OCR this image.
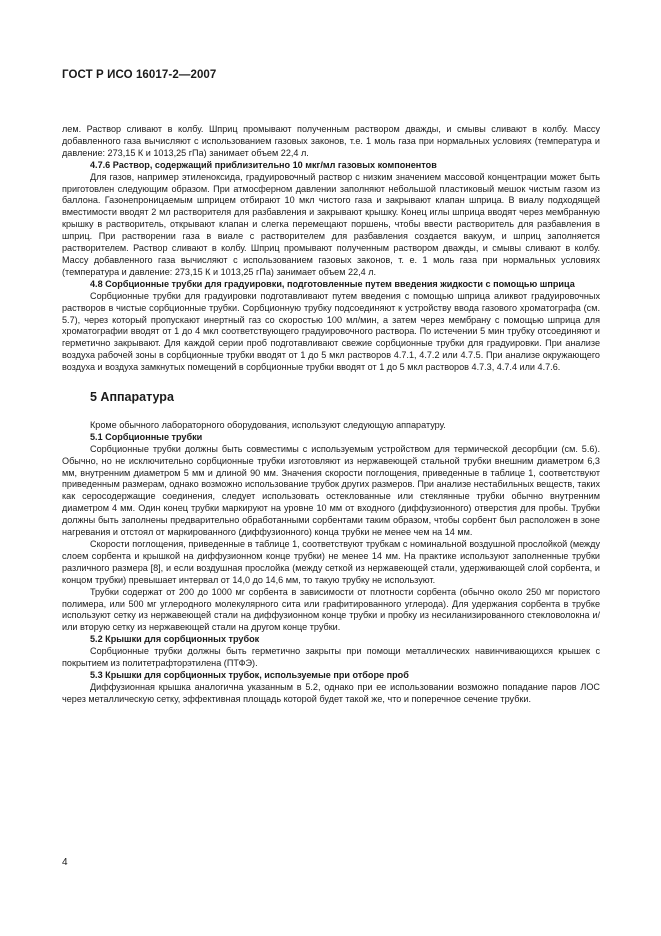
ГОСТ Р ИСО 16017-2—2007

лем. Раствор сливают в колбу. Шприц промывают полученным раствором дважды, и смывы сливают в колбу. Массу добавленного газа вычисляют с использованием газовых законов, т.е. 1 моль газа при нормальных условиях (температура и давление: 273,15 К и 1013,25 гПа) занимает объем 22,4 л.

4.7.6 Раствор, содержащий приблизительно 10 мкг/мл газовых компонентов

Для газов, например этиленоксида, градуировочный раствор с низким значением массовой концентрации может быть приготовлен следующим образом. При атмосферном давлении заполняют небольшой пластиковый мешок чистым газом из баллона. Газонепроницаемым шприцем отбирают 10 мкл чистого газа и закрывают клапан шприца. В виалу подходящей вместимости вводят 2 мл растворителя для разбавления и закрывают крышку. Конец иглы шприца вводят через мембранную крышку в растворитель, открывают клапан и слегка перемещают поршень, чтобы ввести растворитель для разбавления в шприц. При растворении газа в виале с растворителем для разбавления создается вакуум, и шприц заполняется растворителем. Раствор сливают в колбу. Шприц промывают полученным раствором дважды, и смывы сливают в колбу. Массу добавленного газа вычисляют с использованием газовых законов, т. е. 1 моль газа при нормальных условиях (температура и давление: 273,15 К и 1013,25 гПа) занимает объем 22,4 л.

4.8 Сорбционные трубки для градуировки, подготовленные путем введения жидкости с помощью шприца

Сорбционные трубки для градуировки подготавливают путем введения с помощью шприца аликвот градуировочных растворов в чистые сорбционные трубки. Сорбционную трубку подсоединяют к устройству ввода газового хроматографа (см. 5.7), через который пропускают инертный газ со скоростью 100 мл/мин, а затем через мембрану с помощью шприца для хроматографии вводят от 1 до 4 мкл соответствующего градуировочного раствора. По истечении 5 мин трубку отсоединяют и герметично закрывают. Для каждой серии проб подготавливают свежие сорбционные трубки для градуировки. При анализе воздуха рабочей зоны в сорбционные трубки вводят от 1 до 5 мкл растворов 4.7.1, 4.7.2 или 4.7.5. При анализе окружающего воздуха и воздуха замкнутых помещений в сорбционные трубки вводят от 1 до 5 мкл растворов 4.7.3, 4.7.4 или 4.7.6.

5 Аппаратура

Кроме обычного лабораторного оборудования, используют следующую аппаратуру.

5.1 Сорбционные трубки

Сорбционные трубки должны быть совместимы с используемым устройством для термической десорбции (см. 5.6). Обычно, но не исключительно сорбционные трубки изготовляют из нержавеющей стальной трубки внешним диаметром 6,3 мм, внутренним диаметром 5 мм и длиной 90 мм. Значения скорости поглощения, приведенные в таблице 1, соответствуют приведенным размерам, однако возможно использование трубок других размеров. При анализе нестабильных веществ, таких как серосодержащие соединения, следует использовать остеклованные или стеклянные трубки обычно внутренним диаметром 4 мм. Один конец трубки маркируют на уровне 10 мм от входного (диффузионного) отверстия для пробы. Трубки должны быть заполнены предварительно обработанными сорбентами таким образом, чтобы сорбент был расположен в зоне нагревания и отстоял от маркированного (диффузионного) конца трубки не менее чем на 14 мм.

Скорости поглощения, приведенные в таблице 1, соответствуют трубкам с номинальной воздушной прослойкой (между слоем сорбента и крышкой на диффузионном конце трубки) не менее 14 мм. На практике используют заполненные трубки различного размера [8], и если воздушная прослойка (между сеткой из нержавеющей стали, удерживающей слой сорбента, и концом трубки) превышает интервал от 14,0 до 14,6 мм, то такую трубку не используют.

Трубки содержат от 200 до 1000 мг сорбента в зависимости от плотности сорбента (обычно около 250 мг пористого полимера, или 500 мг углеродного молекулярного сита или графитированного углерода). Для удержания сорбента в трубке используют сетку из нержавеющей стали на диффузионном конце трубки и пробку из несиланизированного стекловолокна и/или вторую сетку из нержавеющей стали на другом конце трубки.

5.2 Крышки для сорбционных трубок

Сорбционные трубки должны быть герметично закрыты при помощи металлических навинчивающихся крышек с покрытием из политетрафторэтилена (ПТФЭ).

5.3 Крышки для сорбционных трубок, используемые при отборе проб

Диффузионная крышка аналогична указанным в 5.2, однако при ее использовании возможно попадание паров ЛОС через металлическую сетку, эффективная площадь которой будет такой же, что и поперечное сечение трубки.

4
